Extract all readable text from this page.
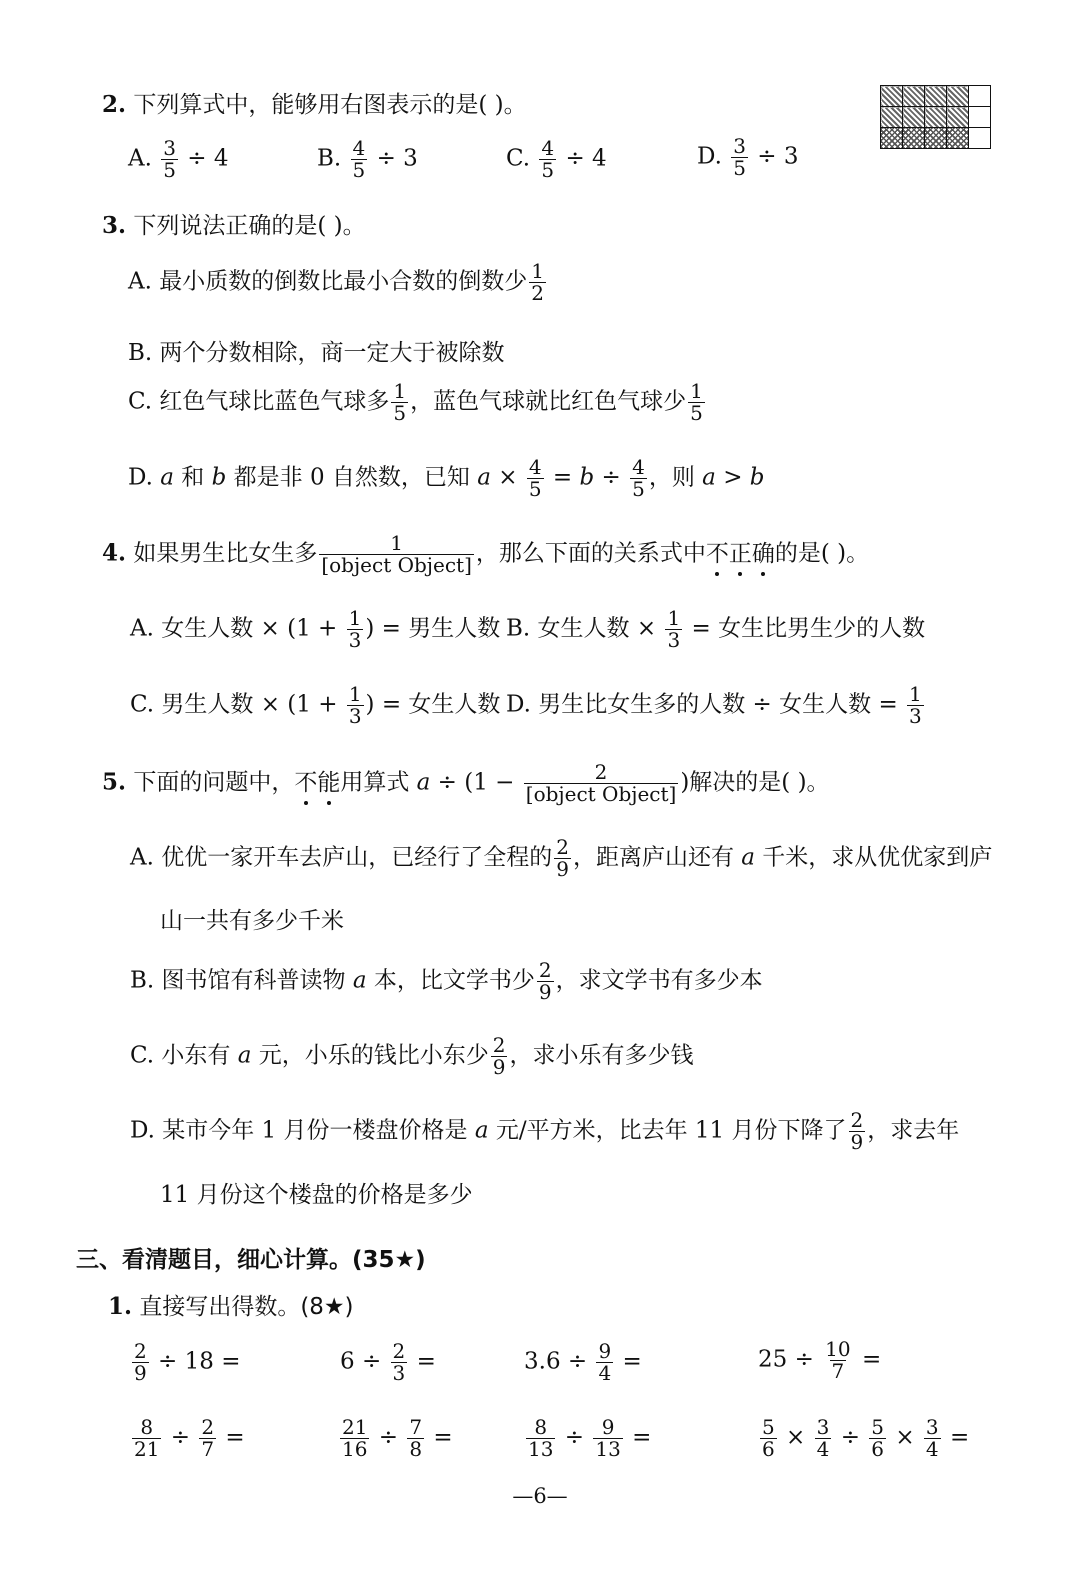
2. 下列算式中，能够用右图表示的是( )。

A. $\frac{3}{5} \div 4$	B. $\frac{4}{5} \div 3$	C. $\frac{4}{5} \div 4$	D. $\frac{3}{5} \div 3$
3. 下列说法正确的是( )。
A. 最小质数的倒数比最小合数的倒数少 $\frac{1}{2}$
B. 两个分数相除，商一定大于被除数
C. 红色气球比蓝色气球多 $\frac{1}{5}$ ，蓝色气球就比红色气球少 $\frac{1}{5}$
D. a 和 b 都是非 0 自然数，已知 $a \times \frac{4}{5} = b \div \frac{4}{5}$ ，则 a > b
4. 如果男生比女生多 $\frac{1}{\text{[object Object]}}$ ，那么下面的关系式中不正确的是( )。
A. 女生人数 × ($1 + \frac{1}{3}$ ) = 男生人数 B. 女生人数 × $\frac{1}{3}$ = 女生比男生少的人数
C. 男生人数 × ($1 + \frac{1}{3}$ ) = 女生人数 D. 男生比女生多的人数 ÷ 女生人数 = $\frac{1}{3}$
5. 下面的问题中，不能用算式 $a \div (1 - \frac{2}{\text{[object Object]}}$ )解决的是( )。
A. 优优一家开车去庐山，已经行了全程的 $\frac{2}{9}$ ，距离庐山还有 a 千米，求从优优家到庐
山一共有多少千米
B. 图书馆有科普读物 a 本，比文学书少 $\frac{2}{9}$ ，求文学书有多少本
C. 小东有 a 元，小乐的钱比小东少 $\frac{2}{9}$ ，求小乐有多少钱
D. 某市今年 1 月份一楼盘价格是 a 元/平方米，比去年 11 月份下降了 $\frac{2}{9}$ ，求去年
11 月份这个楼盘的价格是多少
三、看清题目，细心计算。(35★)
1. 直接写出得数。(8★)
$\frac{2}{9} \div 18$ =	$6 \div \frac{2}{3}$ =	$3.6 \div \frac{9}{4}$ =	$25 \div \frac{10}{7}$ =
$\frac{8}{21} \div \frac{2}{7}$ =	$\frac{21}{16} \div \frac{7}{8}$ =	$\frac{8}{13} \div \frac{9}{13}$ =	$\frac{5}{6} \times \frac{3}{4} \div \frac{5}{6} \times \frac{3}{4}$ =
—6—
